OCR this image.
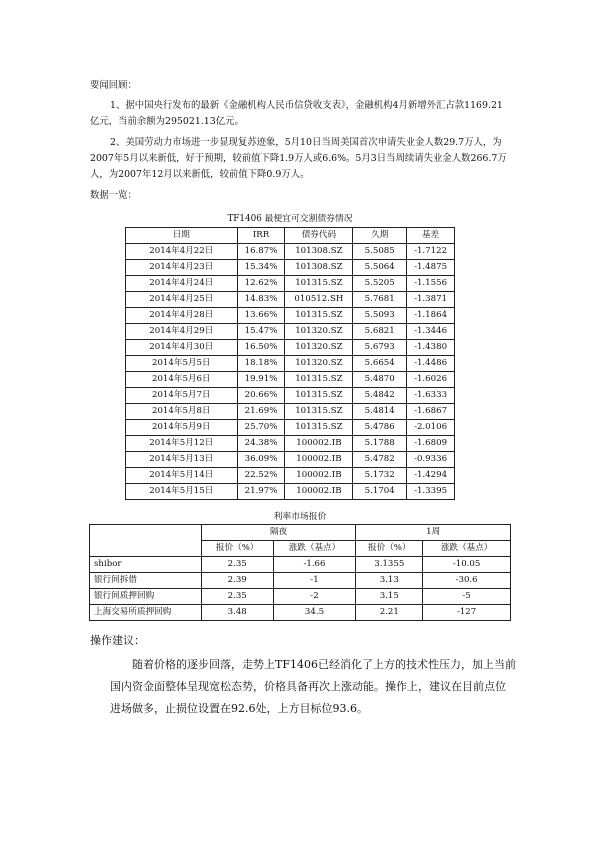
要闻回顾：

1、据中国央行发布的最新《金融机构人民币信贷收支表》，金融机构4月新增外汇占款1169.21亿元，当前余额为295021.13亿元。

2、美国劳动力市场进一步显现复苏迹象，5月10日当周美国首次申请失业金人数29.7万人，为2007年5月以来新低，好于预期，较前值下降1.9万人或6.6%。5月3日当周续请失业金人数266.7万人，为2007年12月以来新低，较前值下降0.9万人。

数据一览：

TF1406 最便宜可交割债券情况
日期	IRR	债券代码	久期	基差
2014年4月22日	16.87%	101308.SZ	5.5085	-1.7122
2014年4月23日	15.34%	101308.SZ	5.5064	-1.4875
2014年4月24日	12.62%	101315.SZ	5.5205	-1.1556
2014年4月25日	14.83%	010512.SH	5.7681	-1.3871
2014年4月28日	13.66%	101315.SZ	5.5093	-1.1864
2014年4月29日	15.47%	101320.SZ	5.6821	-1.3446
2014年4月30日	16.50%	101320.SZ	5.6793	-1.4380
2014年5月5日	18.18%	101320.SZ	5.6654	-1.4486
2014年5月6日	19.91%	101315.SZ	5.4870	-1.6026
2014年5月7日	20.66%	101315.SZ	5.4842	-1.6333
2014年5月8日	21.69%	101315.SZ	5.4814	-1.6867
2014年5月9日	25.70%	101315.SZ	5.4786	-2.0106
2014年5月12日	24.38%	100002.IB	5.1788	-1.6809
2014年5月13日	36.09%	100002.IB	5.4782	-0.9336
2014年5月14日	22.52%	100002.IB	5.1732	-1.4294
2014年5月15日	21.97%	100002.IB	5.1704	-1.3395
利率市场报价
	隔夜		1周	
	报价（%）	涨跌（基点）	报价（%）	涨跌（基点）
shibor	2.35	-1.66	3.1355	-10.05
银行间拆借	2.39	-1	3.13	-30.6
银行间质押回购	2.35	-2	3.15	-5
上海交易所质押回购	3.48	34.5	2.21	-127
操作建议：

随着价格的逐步回落，走势上TF1406已经消化了上方的技术性压力，加上当前国内资金面整体呈现宽松态势，价格具备再次上涨动能。操作上，建议在目前点位进场做多，止损位设置在92.6处，上方目标位93.6。
